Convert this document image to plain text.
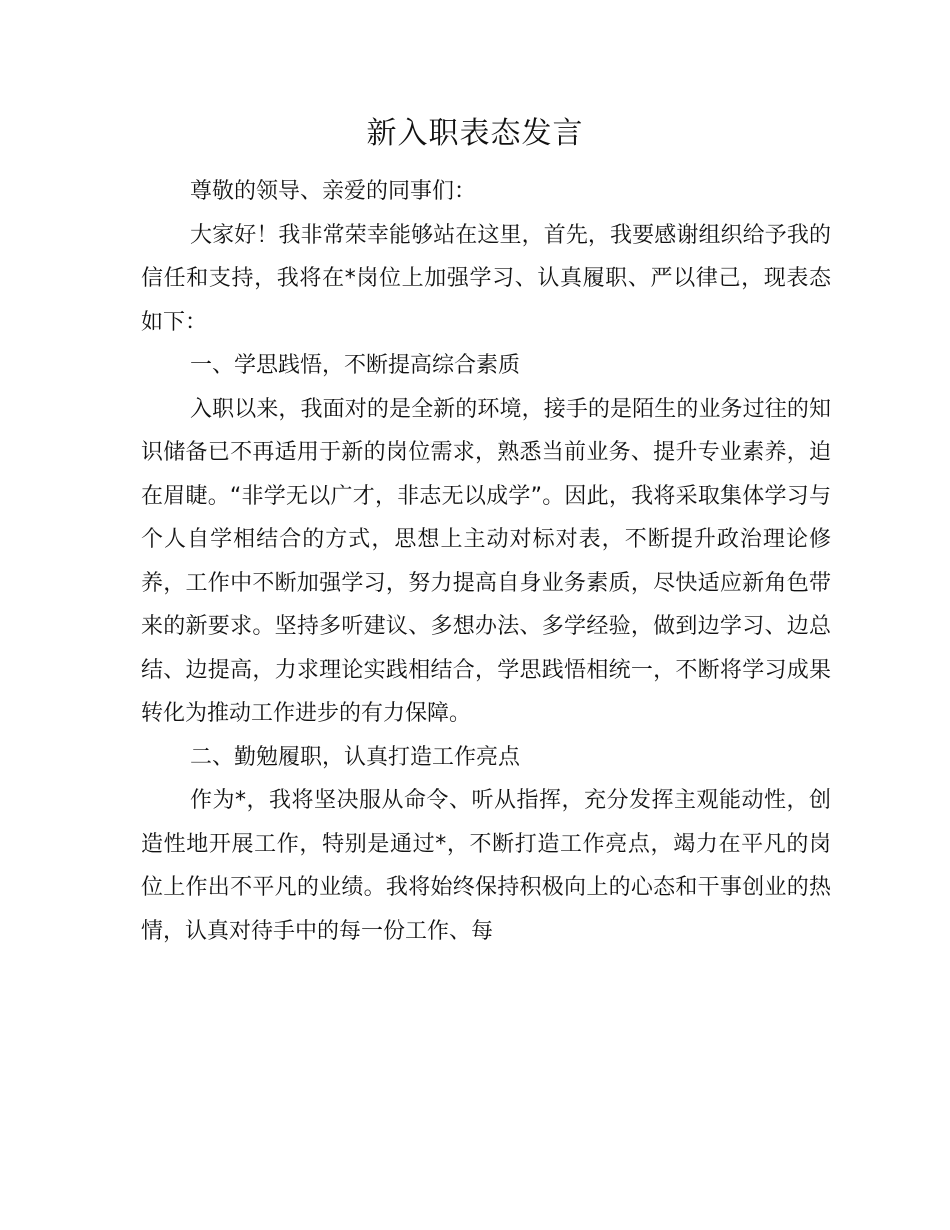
新入职表态发言

尊敬的领导、亲爱的同事们：

大家好！我非常荣幸能够站在这里，首先，我要感谢组织给予我的信任和支持，我将在*岗位上加强学习、认真履职、严以律己，现表态如下：

一、学思践悟，不断提高综合素质

入职以来，我面对的是全新的环境，接手的是陌生的业务过往的知识储备已不再适用于新的岗位需求，熟悉当前业务、提升专业素养，迫在眉睫。“非学无以广才，非志无以成学”。因此，我将采取集体学习与个人自学相结合的方式，思想上主动对标对表，不断提升政治理论修养，工作中不断加强学习，努力提高自身业务素质，尽快适应新角色带来的新要求。坚持多听建议、多想办法、多学经验，做到边学习、边总结、边提高，力求理论实践相结合，学思践悟相统一，不断将学习成果转化为推动工作进步的有力保障。

二、勤勉履职，认真打造工作亮点

作为*，我将坚决服从命令、听从指挥，充分发挥主观能动性，创造性地开展工作，特别是通过*，不断打造工作亮点，竭力在平凡的岗位上作出不平凡的业绩。我将始终保持积极向上的心态和干事创业的热情，认真对待手中的每一份工作、每
